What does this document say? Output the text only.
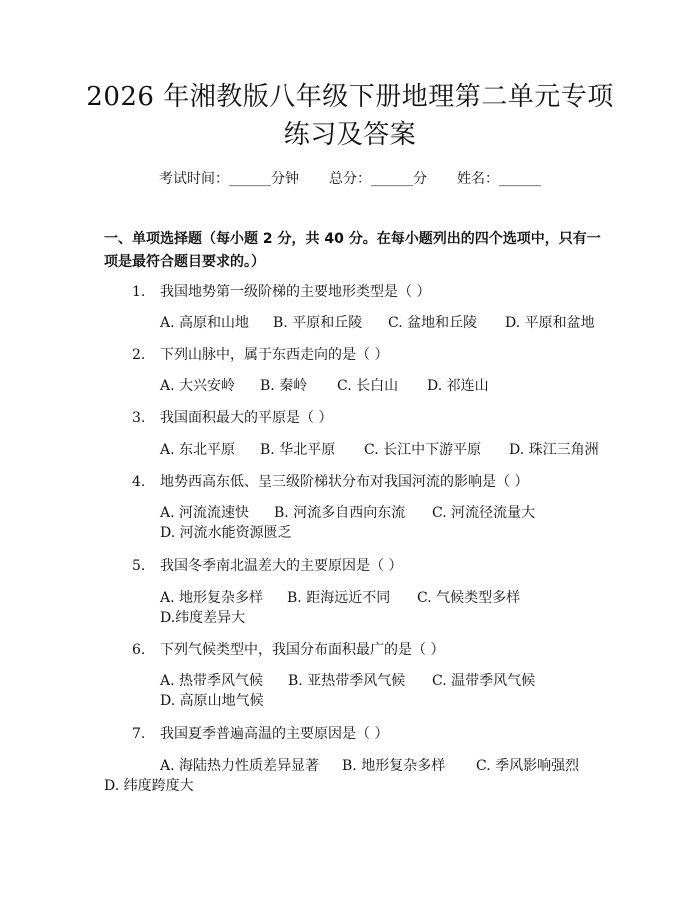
2026 年湘教版八年级下册地理第二单元专项
练习及答案
考试时间：______分钟 总分：______分 姓名：______
一、单项选择题（每小题 2 分，共 40 分。在每小题列出的四个选项中，只有一项是最符合题目要求的。）
1. 我国地势第一级阶梯的主要地形类型是（ ）
A. 高原和山地 B. 平原和丘陵 C. 盆地和丘陵 D. 平原和盆地
2. 下列山脉中，属于东西走向的是（ ）
A. 大兴安岭 B. 秦岭 C. 长白山 D. 祁连山
3. 我国面积最大的平原是（ ）
A. 东北平原 B. 华北平原 C. 长江中下游平原 D. 珠江三角洲
4. 地势西高东低、呈三级阶梯状分布对我国河流的影响是（ ）
A. 河流流速快 B. 河流多自西向东流 C. 河流径流量大D. 河流水能资源匮乏
5. 我国冬季南北温差大的主要原因是（ ）
A. 地形复杂多样 B. 距海远近不同 C. 气候类型多样D.纬度差异大
6. 下列气候类型中，我国分布面积最广的是（ ）
A. 热带季风气候 B. 亚热带季风气候 C. 温带季风气候D. 高原山地气候
7. 我国夏季普遍高温的主要原因是（ ）
A. 海陆热力性质差异显著 B. 地形复杂多样 C. 季风影响强烈
D. 纬度跨度大
